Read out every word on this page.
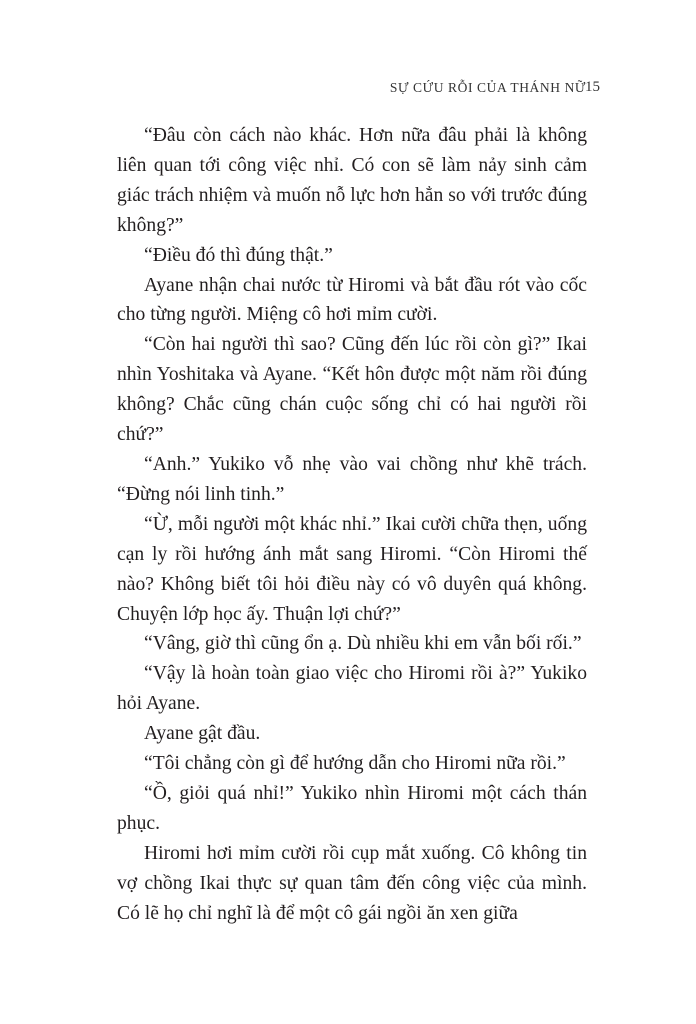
SỰ CỨU RỖI CỦA THÁNH NỮ 15

“Đâu còn cách nào khác. Hơn nữa đâu phải là không liên quan tới công việc nhỉ. Có con sẽ làm nảy sinh cảm giác trách nhiệm và muốn nỗ lực hơn hẳn so với trước đúng không?”

“Điều đó thì đúng thật.”

Ayane nhận chai nước từ Hiromi và bắt đầu rót vào cốc cho từng người. Miệng cô hơi mỉm cười.

“Còn hai người thì sao? Cũng đến lúc rồi còn gì?” Ikai nhìn Yoshitaka và Ayane. “Kết hôn được một năm rồi đúng không? Chắc cũng chán cuộc sống chỉ có hai người rồi chứ?”

“Anh.” Yukiko vỗ nhẹ vào vai chồng như khẽ trách. “Đừng nói linh tinh.”

“Ừ, mỗi người một khác nhỉ.” Ikai cười chữa thẹn, uống cạn ly rồi hướng ánh mắt sang Hiromi. “Còn Hiromi thế nào? Không biết tôi hỏi điều này có vô duyên quá không. Chuyện lớp học ấy. Thuận lợi chứ?”

“Vâng, giờ thì cũng ổn ạ. Dù nhiều khi em vẫn bối rối.”

“Vậy là hoàn toàn giao việc cho Hiromi rồi à?” Yukiko hỏi Ayane.

Ayane gật đầu.

“Tôi chẳng còn gì để hướng dẫn cho Hiromi nữa rồi.”

“Ồ, giỏi quá nhỉ!” Yukiko nhìn Hiromi một cách thán phục.

Hiromi hơi mỉm cười rồi cụp mắt xuống. Cô không tin vợ chồng Ikai thực sự quan tâm đến công việc của mình. Có lẽ họ chỉ nghĩ là để một cô gái ngồi ăn xen giữa
